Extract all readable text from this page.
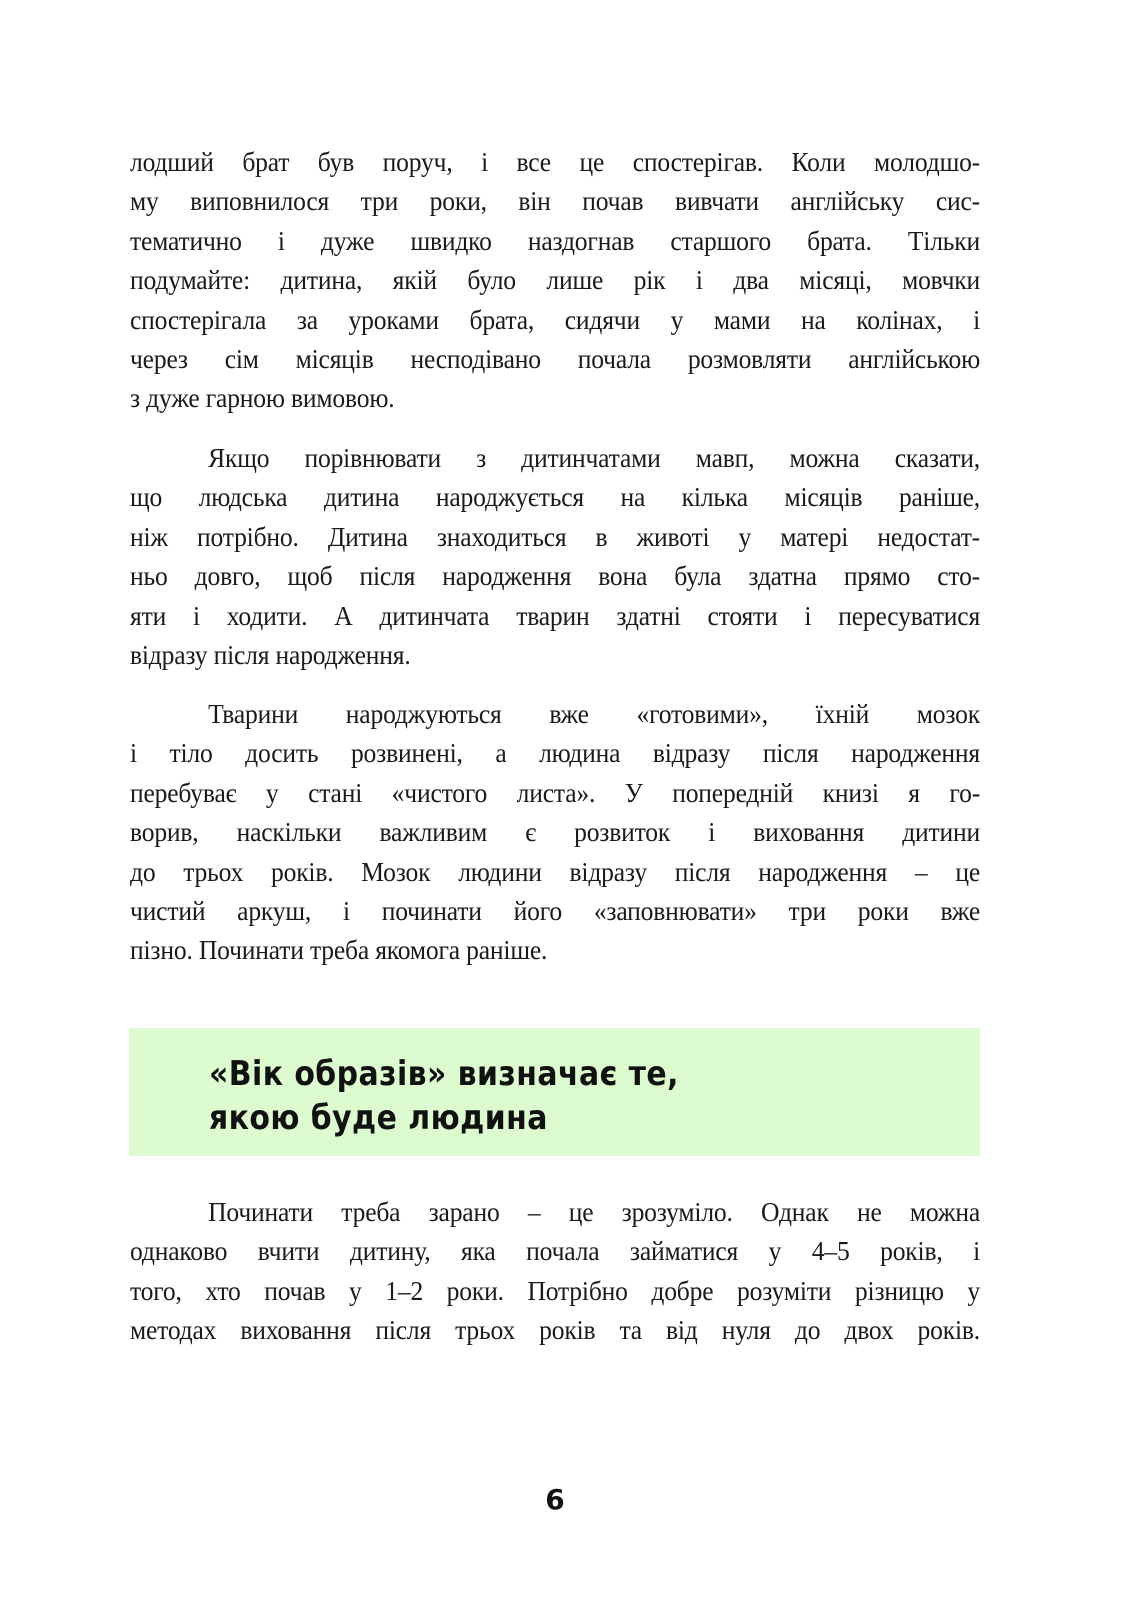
лодший брат був поруч, і все це спостерігав. Коли молодшо-
му виповнилося три роки, він почав вивчати англійську сис-
тематично і дуже швидко наздогнав старшого брата. Тільки
подумайте: дитина, якій було лише рік і два місяці, мовчки
спостерігала за уроками брата, сидячи у мами на колінах, і
через сім місяців несподівано почала розмовляти англійською
з дуже гарною вимовою.

Якщо порівнювати з дитинчатами мавп, можна сказати,
що людська дитина народжується на кілька місяців раніше,
ніж потрібно. Дитина знаходиться в животі у матері недостат-
ньо довго, щоб після народження вона була здатна прямо сто-
яти і ходити. А дитинчата тварин здатні стояти і пересуватися
відразу після народження.

Тварини народжуються вже «готовими», їхній мозок
і тіло досить розвинені, а людина відразу після народження
перебуває у стані «чистого листа». У попередній книзі я го-
ворив, наскільки важливим є розвиток і виховання дитини
до трьох років. Мозок людини відразу після народження – це
чистий аркуш, і починати його «заповнювати» три роки вже
пізно. Починати треба якомога раніше.

«Вік образів» визначає те,
якою буде людина

Починати треба зарано – це зрозуміло. Однак не можна
однаково вчити дитину, яка почала займатися у 4–5 років, і
того, хто почав у 1–2 роки. Потрібно добре розуміти різницю у
методах виховання після трьох років та від нуля до двох років.

6
